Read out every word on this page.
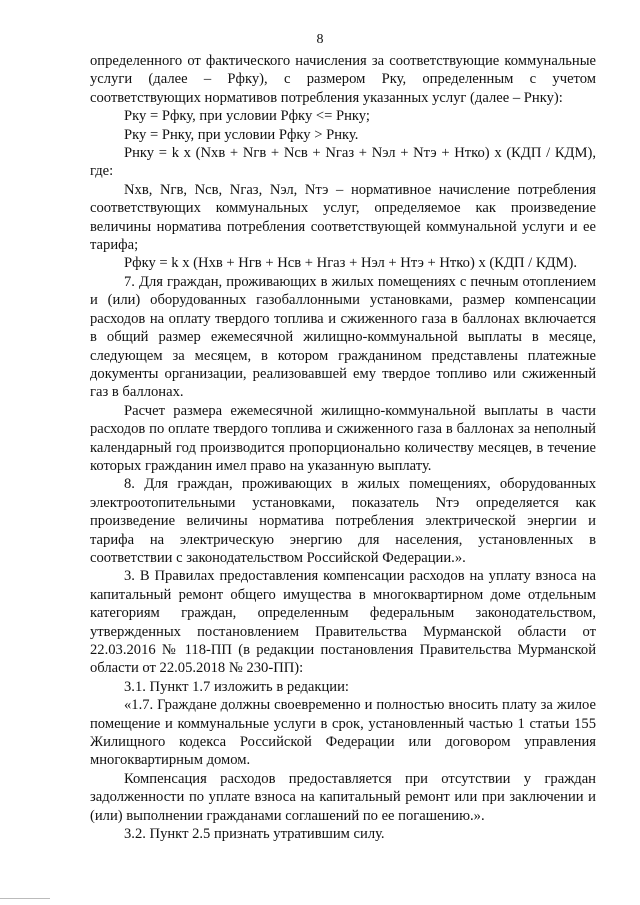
8

определенного от фактического начисления за соответствующие коммунальные услуги (далее – Рфку), с размером Рку, определенным с учетом соответствующих нормативов потребления указанных услуг (далее – Рнку):

Рку = Рфку, при условии Рфку <= Рнку;

Рку = Рнку, при условии Рфку > Рнку.

Рнку = k x (Nхв + Nгв + Nсв + Nгаз + Nэл + Nтэ + Нтко) x (КДП / КДМ), где:

Nхв, Nгв, Nсв, Nгаз, Nэл, Nтэ – нормативное начисление потребления соответствующих коммунальных услуг, определяемое как произведение величины норматива потребления соответствующей коммунальной услуги и ее тарифа;

Рфку = k x (Нхв + Нгв + Нсв + Нгаз + Нэл + Нтэ + Нтко) x (КДП / КДМ).

7. Для граждан, проживающих в жилых помещениях с печным отоплением и (или) оборудованных газобаллонными установками, размер компенсации расходов на оплату твердого топлива и сжиженного газа в баллонах включается в общий размер ежемесячной жилищно-коммунальной выплаты в месяце, следующем за месяцем, в котором гражданином представлены платежные документы организации, реализовавшей ему твердое топливо или сжиженный газ в баллонах.

Расчет размера ежемесячной жилищно-коммунальной выплаты в части расходов по оплате твердого топлива и сжиженного газа в баллонах за неполный календарный год производится пропорционально количеству месяцев, в течение которых гражданин имел право на указанную выплату.

8. Для граждан, проживающих в жилых помещениях, оборудованных электроотопительными установками, показатель Nтэ определяется как произведение величины норматива потребления электрической энергии и тарифа на электрическую энергию для населения, установленных в соответствии с законодательством Российской Федерации.».

3. В Правилах предоставления компенсации расходов на уплату взноса на капитальный ремонт общего имущества в многоквартирном доме отдельным категориям граждан, определенным федеральным законодательством, утвержденных постановлением Правительства Мурманской области от 22.03.2016 № 118-ПП (в редакции постановления Правительства Мурманской области от 22.05.2018 № 230-ПП):

3.1. Пункт 1.7 изложить в редакции:

«1.7. Граждане должны своевременно и полностью вносить плату за жилое помещение и коммунальные услуги в срок, установленный частью 1 статьи 155 Жилищного кодекса Российской Федерации или договором управления многоквартирным домом.

Компенсация расходов предоставляется при отсутствии у граждан задолженности по уплате взноса на капитальный ремонт или при заключении и (или) выполнении гражданами соглашений по ее погашению.».

3.2. Пункт 2.5 признать утратившим силу.
